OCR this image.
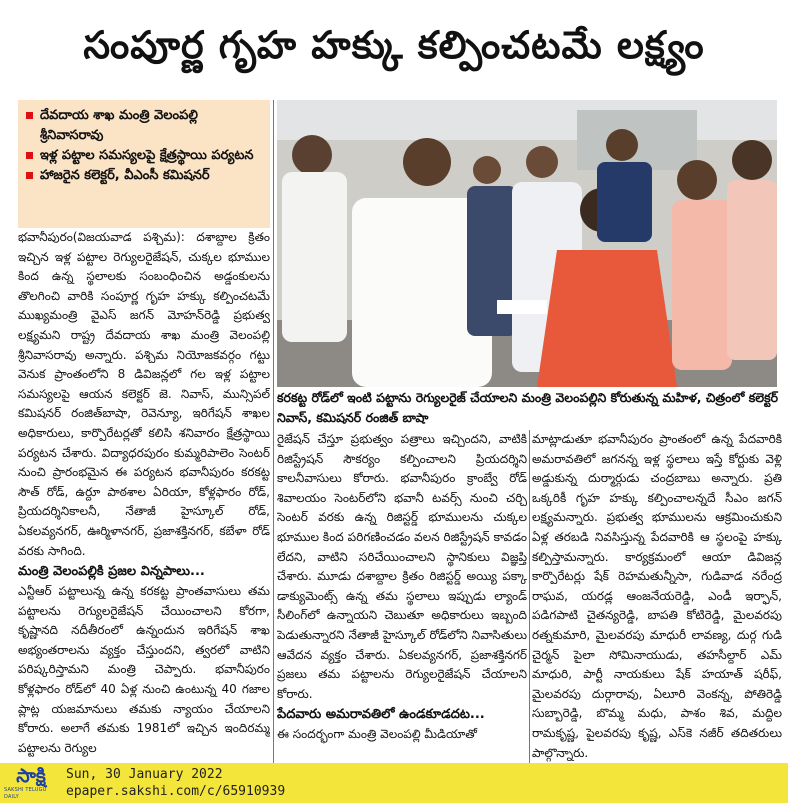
సంపూర్ణ గృహ హక్కు కల్పించటమే లక్ష్యం
దేవదాయ శాఖ మంత్రి వెలంపల్లి శ్రీనివాసరావు
ఇళ్ల పట్టాల సమస్యలపై క్షేత్రస్థాయి పర్యటన
హాజరైన కలెక్టర్, వీఎంసీ కమిషనర్
కరకట్ట రోడ్‌లో ఇంటి పట్టాను రెగ్యులరైజ్ చేయాలని మంత్రి వెలంపల్లిని కోరుతున్న మహిళ, చిత్రంలో కలెక్టర్ నివాస్, కమిషనర్ రంజిత్ బాషా

భవానీపురం(విజయవాడ పశ్చిమ): దశాబ్దాల క్రితం ఇచ్చిన ఇళ్ల పట్టాల రెగ్యులరైజేషన్, చుక్కల భూముల కింద ఉన్న స్థలాలకు సంబంధించిన అడ్డంకులను తొలగించి వారికి సంపూర్ణ గృహ హక్కు కల్పించటమే ముఖ్యమంత్రి వైఎస్ జగన్ మోహన్‌రెడ్డి ప్రభుత్వ లక్ష్యమని రాష్ట్ర దేవదాయ శాఖ మంత్రి వెలంపల్లి శ్రీనివాసరావు అన్నారు. పశ్చిమ నియోజకవర్గం గట్టు వెనుక ప్రాంతంలోని 8 డివిజన్లలో గల ఇళ్ల పట్టాల సమస్యలపై ఆయన కలెక్టర్ జె. నివాస్, మున్సిపల్ కమిషనర్ రంజిత్‌బాషా, రెవెన్యూ, ఇరిగేషన్ శాఖల అధికారులు, కార్పొరేటర్లతో కలిసి శనివారం క్షేత్రస్థాయి పర్యటన చేశారు. విద్యాధరపురం కుమ్మరిపాలెం సెంటర్ నుంచి ప్రారంభమైన ఈ పర్యటన భవానీపురం కరకట్ట సౌత్ రోడ్, ఉర్దూ పాఠశాల ఏరియా, కోళ్లఫారం రోడ్, ప్రియదర్శినికాలనీ, నేతాజీ హైస్కూల్ రోడ్, ఏకలవ్యనగర్, ఊర్మిళానగర్, ప్రజాశక్తినగర్, కబేళా రోడ్ వరకు సాగింది.

మంత్రి వెలంపల్లికి ప్రజల విన్నపాలు...

ఎన్టీఆర్ పట్టాలున్న ఉన్న కరకట్ట ప్రాంతవాసులు తమ పట్టాలను రెగ్యులరైజేషన్ చేయించాలని కోరగా, కృష్ణానది నదీతీరంలో ఉన్నందున ఇరిగేషన్ శాఖ అభ్యంతరాలను వ్యక్తం చేస్తుందని, త్వరలో వాటిని పరిష్కరిస్తామని మంత్రి చెప్పారు. భవానీపురం కోళ్లఫారం రోడ్‌లో 40 ఏళ్ల నుంచి ఉంటున్న 40 గజాల ప్లాట్ల యజమానులు తమకు న్యాయం చేయాలని కోరారు. అలాగే తమకు 1981లో ఇచ్చిన ఇందిరమ్మ పట్టాలను రెగ్యుల

రైజేషన్ చేస్తూ ప్రభుత్వం పత్రాలు ఇచ్చిందని, వాటికి రిజిస్ట్రేషన్ సౌకర్యం కల్పించాలని ప్రియదర్శిని కాలనీవాసులు కోరారు. భవానీపురం క్రాంబ్వే రోడ్ శివాలయం సెంటర్‌లోని భవానీ టవర్స్ నుంచి చర్చి సెంటర్ వరకు ఉన్న రిజిస్టర్డ్ భూములను చుక్కల భూముల కింద పరిగణించడం వలన రిజిస్ట్రేషన్ కావడం లేదని, వాటిని సరిచేయించాలని స్థానికులు విజ్ఞప్తి చేశారు. మూడు దశాబ్దాల క్రితం రిజిస్టర్డ్ అయ్యి పక్కా డాక్యుమెంట్స్ ఉన్న తమ స్థలాలు ఇప్పుడు ల్యాండ్ సీలింగ్‌లో ఉన్నాయని చెబుతూ అధికారులు ఇబ్బంది పెడుతున్నారని నేతాజీ హైస్కూల్ రోడ్‌లోని నివాసితులు ఆవేదన వ్యక్తం చేశారు. ఏకలవ్యనగర్, ప్రజాశక్తినగర్ ప్రజలు తమ పట్టాలను రెగ్యులరైజేషన్ చేయాలని కోరారు.

పేదవారు అమరావతిలో ఉండకూడదట...

ఈ సందర్భంగా మంత్రి వెలంపల్లి మీడియాతో

మాట్లాడుతూ భవానీపురం ప్రాంతంలో ఉన్న పేదవారికి అమరావతిలో జగనన్న ఇళ్ల స్థలాలు ఇస్తే కోర్టుకు వెళ్లి అడ్డుకున్న దుర్మార్గుడు చంద్రబాబు అన్నారు. ప్రతి ఒక్కరికీ గృహ హక్కు కల్పించాలన్నదే సీఎం జగన్ లక్ష్యమన్నారు. ప్రభుత్వ భూములను ఆక్రమించుకుని ఏళ్ల తరబడి నివసిస్తున్న పేదవారికి ఆ స్థలంపై హక్కు కల్పిస్తామన్నారు. కార్యక్రమంలో ఆయా డివిజన్ల కార్పొరేటర్లు షేక్ రెహమతున్నీసా, గుడివాడ నరేంద్ర రాఘవ, యరడ్ల ఆంజనేయరెడ్డి, ఎండీ ఇర్ఫాన్, పడిగపాటి చైతన్యరెడ్డి, బాపతి కోటిరెడ్డి, మైలవరపు రత్నకుమారి, మైలవరపు మాధురీ లావణ్య, దుర్గ గుడి చైర్మన్ పైలా సోమినాయుడు, తహసీల్దార్ ఎమ్ మాధురి, పార్టీ నాయకులు షేక్ హయాత్ షరీఫ్, మైలవరపు దుర్గారావు, ఏలూరి వెంకన్న, పోతిరెడ్డి సుబ్బారెడ్డి, బొమ్మ మధు, పాశం శివ, మద్దిల రామకృష్ణ, పైలవరపు కృష్ణ, ఎస్‌కె నజీర్ తదితరులు పాల్గొన్నారు.

సాక్షి
SAKSHI TELUGU DAILY
Sun, 30 January 2022
epaper.sakshi.com/c/65910939
